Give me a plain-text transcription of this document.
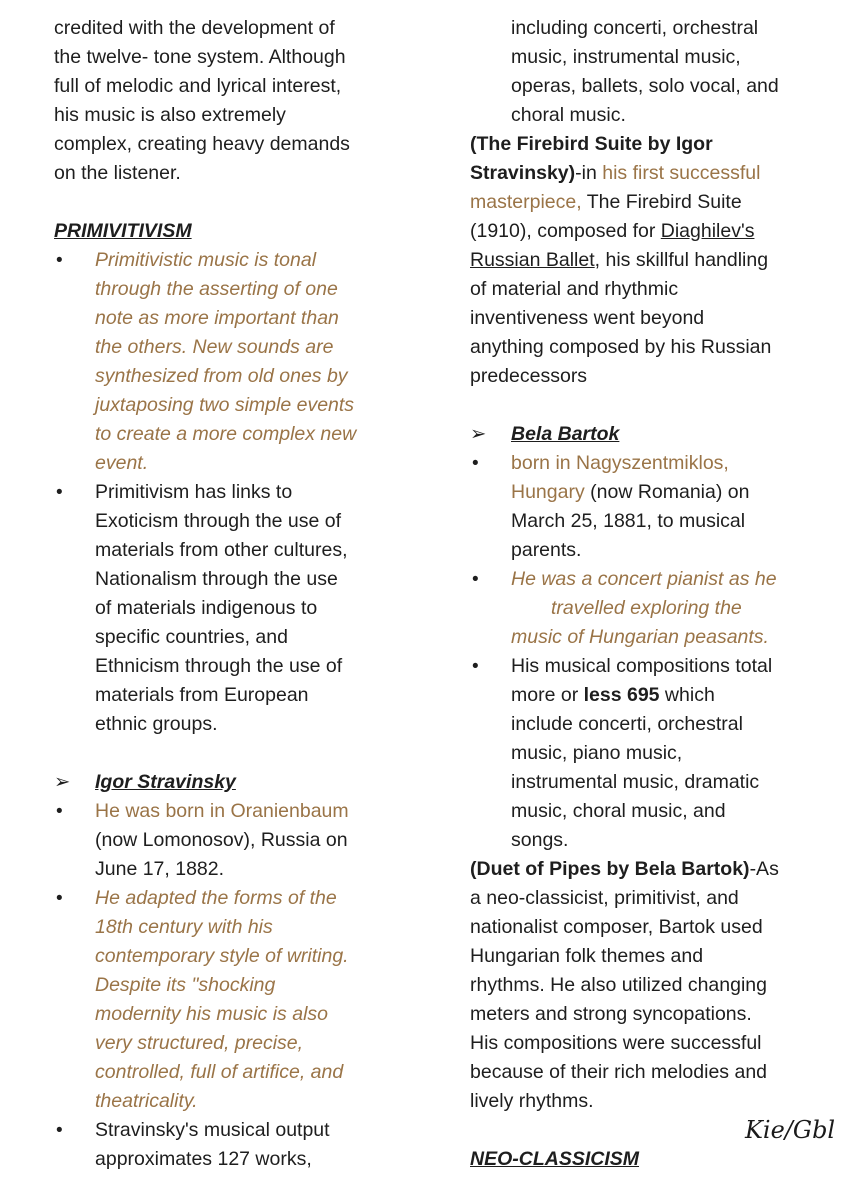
credited with the development of

the twelve- tone system. Although

full of melodic and lyrical interest,

his music is also extremely

complex, creating heavy demands

on the listener.

PRIMIVITIVISM

• Primitivistic music is tonal
through the asserting of one
note as more important than
the others. New sounds are
synthesized from old ones by
juxtaposing two simple events
to create a more complex new
event.
• Primitivism has links to
Exoticism through the use of
materials from other cultures,
Nationalism through the use
of materials indigenous to
specific countries, and
Ethnicism through the use of
materials from European
ethnic groups.

➢ Igor Stravinsky

• He was born in Oranienbaum
(now Lomonosov), Russia on
June 17, 1882.
• He adapted the forms of the
18th century with his
contemporary style of writing.
Despite its "shocking
modernity his music is also
very structured, precise,
controlled, full of artifice, and
theatricality.
• Stravinsky's musical output
approximates 127 works,

including concerti, orchestral

music, instrumental music,

operas, ballets, solo vocal, and

choral music.

(The Firebird Suite by Igor

Stravinsky)-in his first successful

masterpiece, The Firebird Suite

(1910), composed for Diaghilev's

Russian Ballet, his skillful handling

of material and rhythmic

inventiveness went beyond

anything composed by his Russian

predecessors

➢ Bela Bartok

• born in Nagyszentmiklos,
Hungary (now Romania) on
March 25, 1881, to musical
parents.
• He was a concert pianist as he
travelled exploring the
music of Hungarian peasants.
• His musical compositions total
more or less 695 which
include concerti, orchestral
music, piano music,
instrumental music, dramatic
music, choral music, and
songs.

(Duet of Pipes by Bela Bartok)-As

a neo-classicist, primitivist, and

nationalist composer, Bartok used

Hungarian folk themes and

rhythms. He also utilized changing

meters and strong syncopations.

His compositions were successful

because of their rich melodies and

lively rhythms.

NEO-CLASSICISM

Kie/Gbl
